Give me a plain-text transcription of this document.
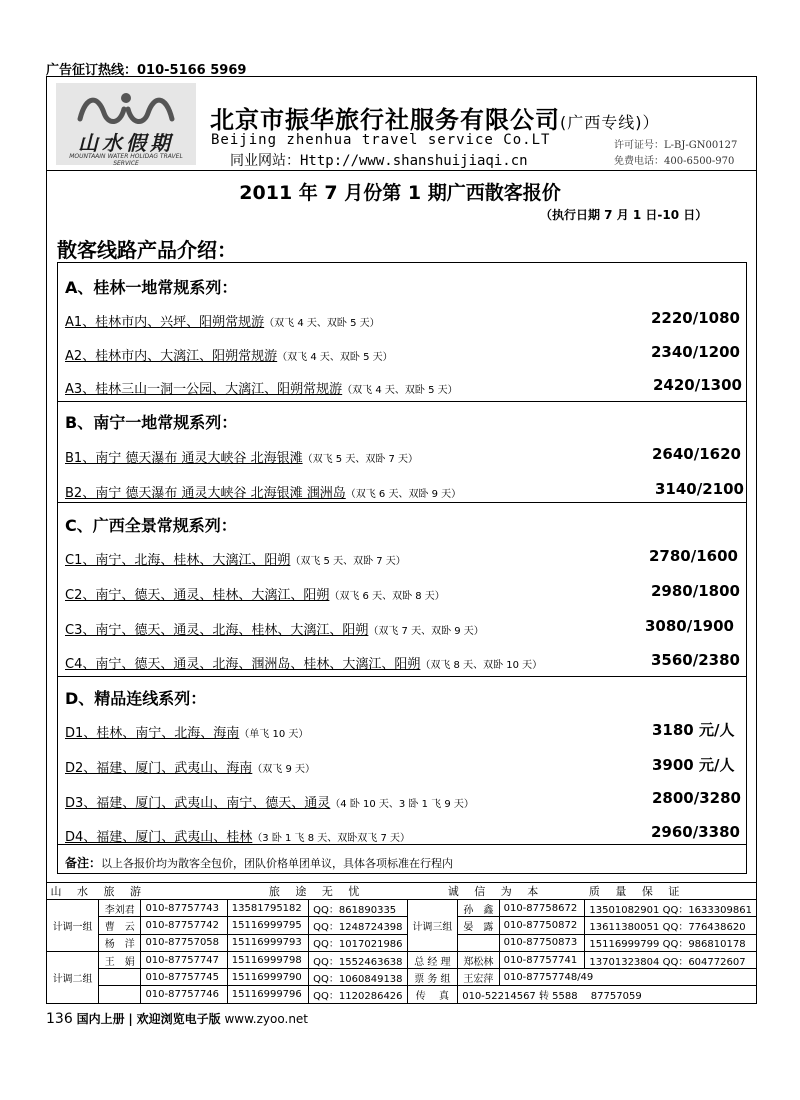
广告征订热线：010-5166 5969
山水假期
MOUNTAAIN WATER HOLIDAG TRAVEL SERVICE
北京市振华旅行社服务有限公司(广西专线)）
Beijing zhenhua travel service Co.LT
同业网站：Http://www.shanshuijiaqi.cn
许可证号：L-BJ-GN00127
免费电话：400-6500-970
2011 年 7 月份第 1 期广西散客报价
（执行日期 7 月 1 日-10 日）
散客线路产品介绍：
A、桂林一地常规系列：
A1、桂林市内、兴坪、阳朔常规游（双飞 4 天、双卧 5 天）	2220/1080
A2、桂林市内、大漓江、阳朔常规游（双飞 4 天、双卧 5 天）	2340/1200
A3、桂林三山一洞一公园、大漓江、阳朔常规游（双飞 4 天、双卧 5 天）	2420/1300
B、南宁一地常规系列：
B1、南宁 德天瀑布 通灵大峡谷 北海银滩（双飞 5 天、双卧 7 天）	2640/1620
B2、南宁 德天瀑布 通灵大峡谷 北海银滩 涠洲岛（双飞 6 天、双卧 9 天）	3140/2100
C、广西全景常规系列：
C1、南宁、北海、桂林、大漓江、阳朔（双飞 5 天、双卧 7 天）	2780/1600
C2、南宁、德天、通灵、桂林、大漓江、阳朔（双飞 6 天、双卧 8 天）	2980/1800
C3、南宁、德天、通灵、北海、桂林、大漓江、阳朔（双飞 7 天、双卧 9 天）	3080/1900
C4、南宁、德天、通灵、北海、涠洲岛、桂林、大漓江、阳朔（双飞 8 天、双卧 10 天）	3560/2380
D、精品连线系列：
D1、桂林、南宁、北海、海南（单飞 10 天）	3180 元/人
D2、福建、厦门、武夷山、海南（双飞 9 天）	3900 元/人
D3、福建、厦门、武夷山、南宁、德天、通灵（4 卧 10 天、3 卧 1 飞 9 天）	2800/3280
D4、福建、厦门、武夷山、桂林（3 卧 1 飞 8 天、双卧双飞 7 天）	2960/3380
备注：以上各报价均为散客全包价，团队价格单团单议，具体各项标准在行程内
山 水 旅 游			旅 途 无 忧		诚 信 为 本			质 量 保 证
计调一组	李刘君	010-87757743	13581795182	QQ：861890335	计调三组	孙　鑫	010-87758672	13501082901 QQ：1633309861
	曹　云	010-87757742	15116999795	QQ：1248724398		晏　露	010-87750872	13611380051 QQ：776438620
	杨　洋	010-87757058	15116999793	QQ：1017021986			010-87750873	15116999799 QQ：986810178
计调二组	王　娟	010-87757747	15116999798	QQ：1552463638	总 经 理	郑松林	010-87757741	13701323804 QQ：604772607
		010-87757745	15116999790	QQ：1060849138	票 务 组	王宏萍	010-87757748/49	
		010-87757746	15116999796	QQ：1120286426	传　 真	010-52214567 转 5588　 87757059		
136 国内上册 | 欢迎浏览电子版 www.zyoo.net
